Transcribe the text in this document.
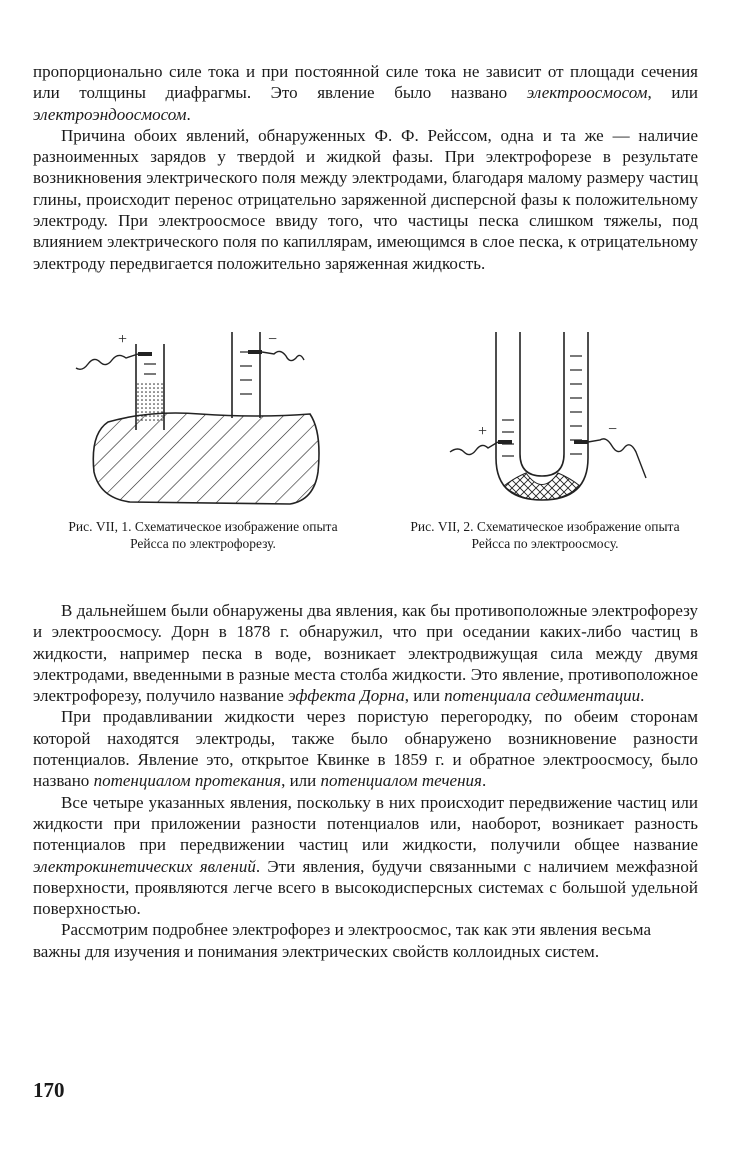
пропорционально силе тока и при постоянной силе тока не зависит от площади сечения или толщины диафрагмы. Это явление было названо электроосмосом, или электроэндоосмосом.

Причина обоих явлений, обнаруженных Ф. Ф. Рейссом, одна и та же — наличие разноименных зарядов у твердой и жидкой фазы. При электрофорезе в результате возникновения электрического поля между электродами, благодаря малому размеру частиц глины, происходит перенос отрицательно заряженной дисперсной фазы к положительному электроду. При электроосмосе ввиду того, что частицы песка слишком тяжелы, под влиянием электрического поля по капиллярам, имеющимся в слое песка, к отрицательному электроду передвигается положительно заряженная жидкость.

+	−
Рис. VII, 1. Схематическое изображение опыта Рейсса по электрофорезу.
+	−
Рис. VII, 2. Схематическое изображение опыта Рейсса по электроосмосу.

В дальнейшем были обнаружены два явления, как бы противоположные электрофорезу и электроосмосу. Дорн в 1878 г. обнаружил, что при оседании каких-либо частиц в жидкости, например песка в воде, возникает электродвижущая сила между двумя электродами, введенными в разные места столба жидкости. Это явление, противоположное электрофорезу, получило название эффекта Дорна, или потенциала седиментации.

При продавливании жидкости через пористую перегородку, по обеим сторонам которой находятся электроды, также было обнаружено возникновение разности потенциалов. Явление это, открытое Квинке в 1859 г. и обратное электроосмосу, было названо потенциалом протекания, или потенциалом течения.

Все четыре указанных явления, поскольку в них происходит передвижение частиц или жидкости при приложении разности потенциалов или, наоборот, возникает разность потенциалов при передвижении частиц или жидкости, получили общее название электрокинетических явлений. Эти явления, будучи связанными с наличием межфазной поверхности, проявляются легче всего в высокодисперсных системах с большой удельной поверхностью.

Рассмотрим подробнее электрофорез и электроосмос, так как эти явления весьма важны для изучения и понимания электрических свойств коллоидных систем.

170
